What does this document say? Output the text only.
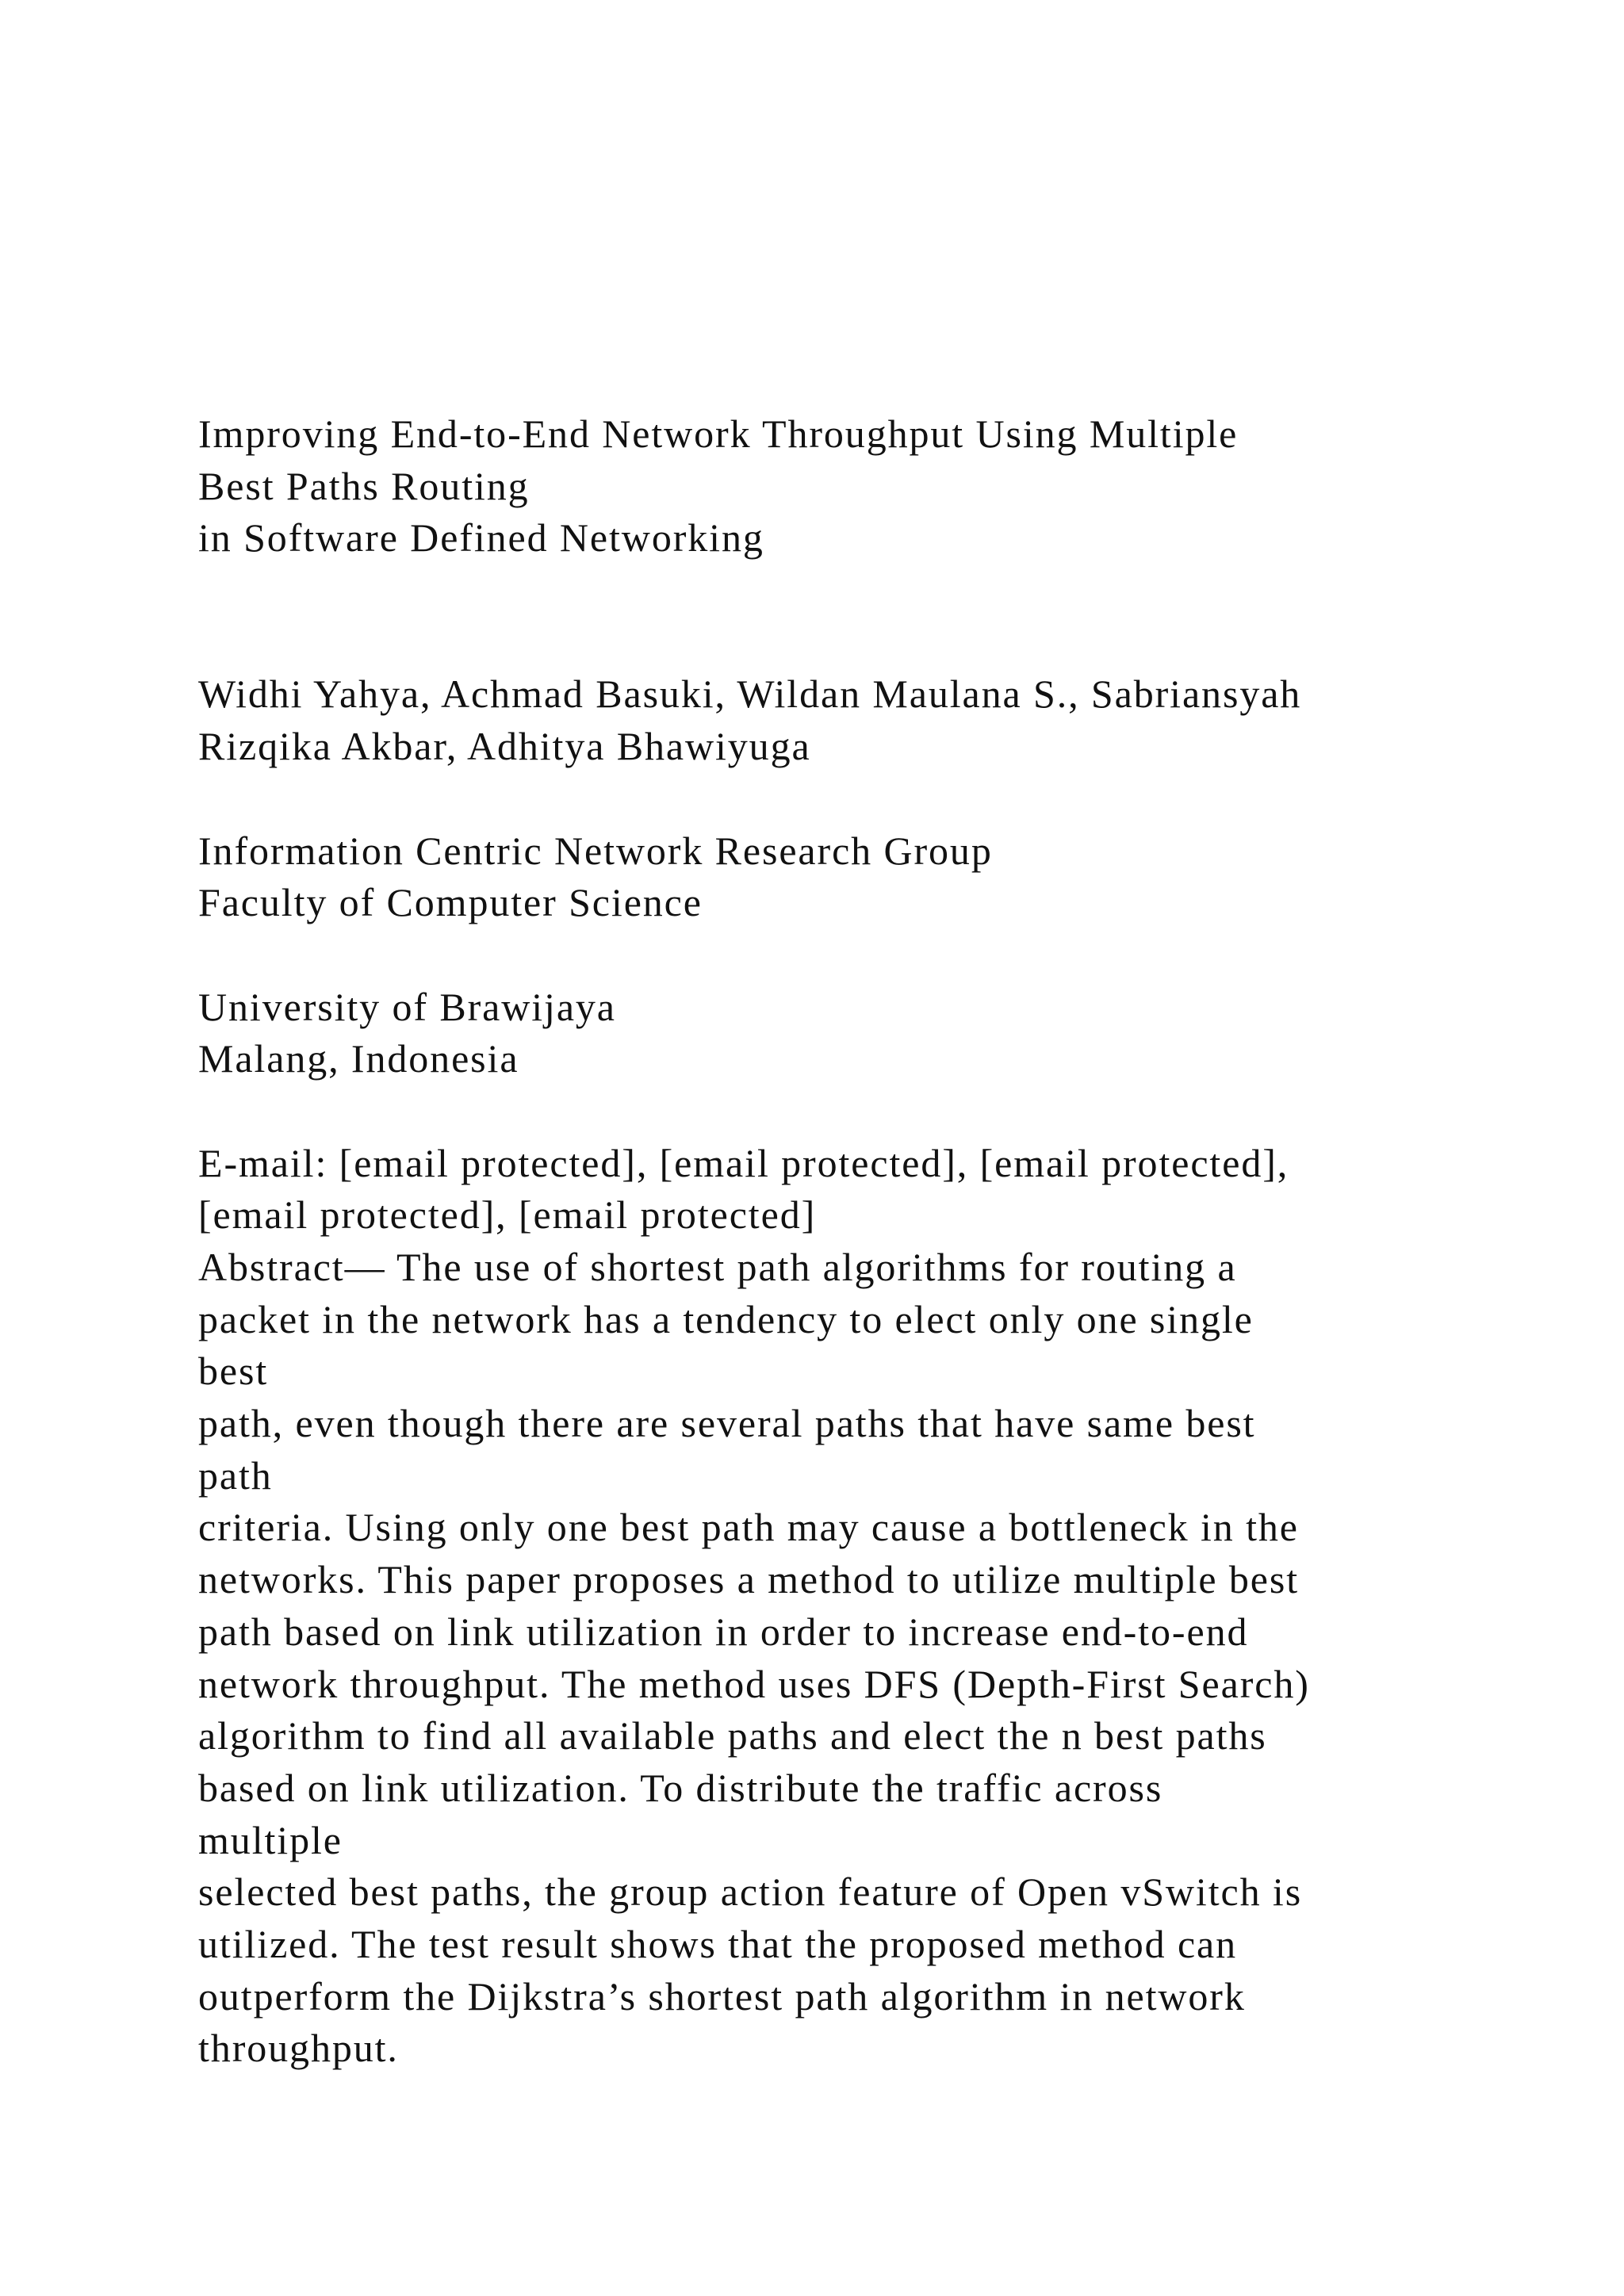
Improving End-to-End Network Throughput Using Multiple
Best Paths Routing
in Software Defined Networking
Widhi Yahya, Achmad Basuki, Wildan Maulana S., Sabriansyah
Rizqika Akbar, Adhitya Bhawiyuga
Information Centric Network Research Group
Faculty of Computer Science
University of Brawijaya
Malang, Indonesia
E-mail: [email protected], [email protected], [email protected],
[email protected], [email protected]
Abstract— The use of shortest path algorithms for routing a
packet in the network has a tendency to elect only one single
best
path, even though there are several paths that have same best
path
criteria. Using only one best path may cause a bottleneck in the
networks. This paper proposes a method to utilize multiple best
path based on link utilization in order to increase end-to-end
network throughput. The method uses DFS (Depth-First Search)
algorithm to find all available paths and elect the n best paths
based on link utilization. To distribute the traffic across
multiple
selected best paths, the group action feature of Open vSwitch is
utilized. The test result shows that the proposed method can
outperform the Dijkstra’s shortest path algorithm in network
throughput.
